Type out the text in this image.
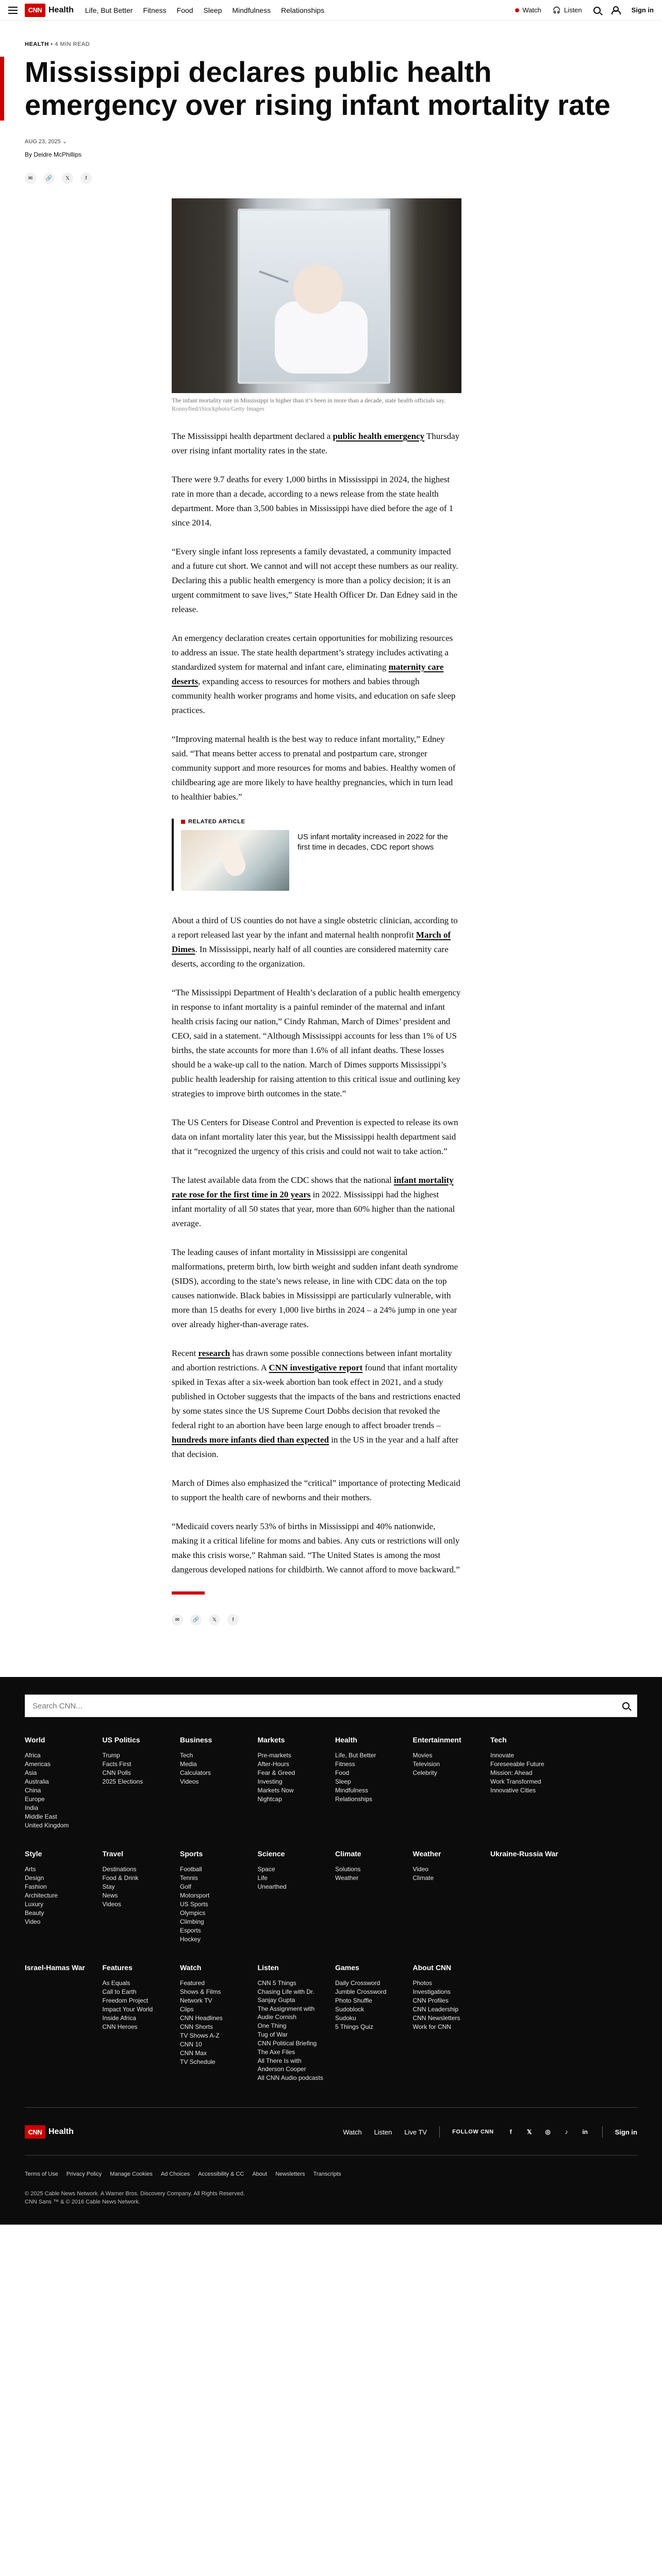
CNN Health Life, But Better Fitness Food Sleep Mindfulness Relationships	Watch 🎧 Listen	Sign in
HEALTH • 4 MIN READ
Mississippi declares public health emergency over rising infant mortality rate
AUG 23, 2025 ⌄
By Deidre McPhillips
✉	🔗	𝕏	f

The infant mortality rate in Mississippi is higher than it’s been in more than a decade, state health officials say. Ronnyfied/iStockphoto/Getty Images

The Mississippi health department declared a public health emergency Thursday over rising infant mortality rates in the state.

There were 9.7 deaths for every 1,000 births in Mississippi in 2024, the highest rate in more than a decade, according to a news release from the state health department. More than 3,500 babies in Mississippi have died before the age of 1 since 2014.

“Every single infant loss represents a family devastated, a community impacted and a future cut short. We cannot and will not accept these numbers as our reality. Declaring this a public health emergency is more than a policy decision; it is an urgent commitment to save lives,” State Health Officer Dr. Dan Edney said in the release.

An emergency declaration creates certain opportunities for mobilizing resources to address an issue. The state health department’s strategy includes activating a standardized system for maternal and infant care, eliminating maternity care deserts, expanding access to resources for mothers and babies through community health worker programs and home visits, and education on safe sleep practices.

“Improving maternal health is the best way to reduce infant mortality,” Edney said. “That means better access to prenatal and postpartum care, stronger community support and more resources for moms and babies. Healthy women of childbearing age are more likely to have healthy pregnancies, which in turn lead to healthier babies.”

RELATED ARTICLE
US infant mortality increased in 2022 for the first time in decades, CDC report shows

About a third of US counties do not have a single obstetric clinician, according to a report released last year by the infant and maternal health nonprofit March of Dimes. In Mississippi, nearly half of all counties are considered maternity care deserts, according to the organization.

“The Mississippi Department of Health’s declaration of a public health emergency in response to infant mortality is a painful reminder of the maternal and infant health crisis facing our nation,” Cindy Rahman, March of Dimes’ president and CEO, said in a statement. “Although Mississippi accounts for less than 1% of US births, the state accounts for more than 1.6% of all infant deaths. These losses should be a wake-up call to the nation. March of Dimes supports Mississippi’s public health leadership for raising attention to this critical issue and outlining key strategies to improve birth outcomes in the state.”

The US Centers for Disease Control and Prevention is expected to release its own data on infant mortality later this year, but the Mississippi health department said that it “recognized the urgency of this crisis and could not wait to take action.”

The latest available data from the CDC shows that the national infant mortality rate rose for the first time in 20 years in 2022. Mississippi had the highest infant mortality of all 50 states that year, more than 60% higher than the national average.

The leading causes of infant mortality in Mississippi are congenital malformations, preterm birth, low birth weight and sudden infant death syndrome (SIDS), according to the state’s news release, in line with CDC data on the top causes nationwide. Black babies in Mississippi are particularly vulnerable, with more than 15 deaths for every 1,000 live births in 2024 – a 24% jump in one year over already higher-than-average rates.

Recent research has drawn some possible connections between infant mortality and abortion restrictions. A CNN investigative report found that infant mortality spiked in Texas after a six-week abortion ban took effect in 2021, and a study published in October suggests that the impacts of the bans and restrictions enacted by some states since the US Supreme Court Dobbs decision that revoked the federal right to an abortion have been large enough to affect broader trends – hundreds more infants died than expected in the US in the year and a half after that decision.

March of Dimes also emphasized the “critical” importance of protecting Medicaid to support the health care of newborns and their mothers.

“Medicaid covers nearly 53% of births in Mississippi and 40% nationwide, making it a critical lifeline for moms and babies. Any cuts or restrictions will only make this crisis worse,” Rahman said. “The United States is among the most dangerous developed nations for childbirth. We cannot afford to move backward.”

✉	🔗	𝕏	f
Search CNN...
World
Africa
Americas
Asia
Australia
China
Europe
India
Middle East
United Kingdom
US Politics
Trump
Facts First
CNN Polls
2025 Elections
Business
Tech
Media
Calculators
Videos
Markets
Pre-markets
After-Hours
Fear & Greed
Investing
Markets Now
Nightcap
Health
Life, But Better
Fitness
Food
Sleep
Mindfulness
Relationships
Entertainment
Movies
Television
Celebrity
Tech
Innovate
Foreseeable Future
Mission: Ahead
Work Transformed
Innovative Cities
Style
Arts
Design
Fashion
Architecture
Luxury
Beauty
Video
Travel
Destinations
Food & Drink
Stay
News
Videos
Sports
Football
Tennis
Golf
Motorsport
US Sports
Olympics
Climbing
Esports
Hockey
Science
Space
Life
Unearthed
Climate
Solutions
Weather
Weather
Video
Climate
Ukraine-Russia War
Israel-Hamas War	Features
As Equals
Call to Earth
Freedom Project
Impact Your World
Inside Africa
CNN Heroes
Watch
Featured
Shows & Films
Network TV
Clips
CNN Headlines
CNN Shorts
TV Shows A-Z
CNN 10
CNN Max
TV Schedule
Listen
CNN 5 Things
Chasing Life with Dr. Sanjay Gupta
The Assignment with Audie Cornish
One Thing
Tug of War
CNN Political Briefing
The Axe Files
All There Is with Anderson Cooper
All CNN Audio podcasts
Games
Daily Crossword
Jumble Crossword
Photo Shuffle
Sudoblock
Sudoku
5 Things Quiz
About CNN
Photos
Investigations
CNN Profiles
CNN Leadership
CNN Newsletters
Work for CNN
CNN Health	Watch Listen Live TV	FOLLOW CNN	f	𝕏	◎	♪	in	Sign in
Terms of Use Privacy Policy Manage Cookies Ad Choices Accessibility & CC About Newsletters Transcripts
© 2025 Cable News Network. A Warner Bros. Discovery Company. All Rights Reserved.
CNN Sans ™ & © 2016 Cable News Network.
